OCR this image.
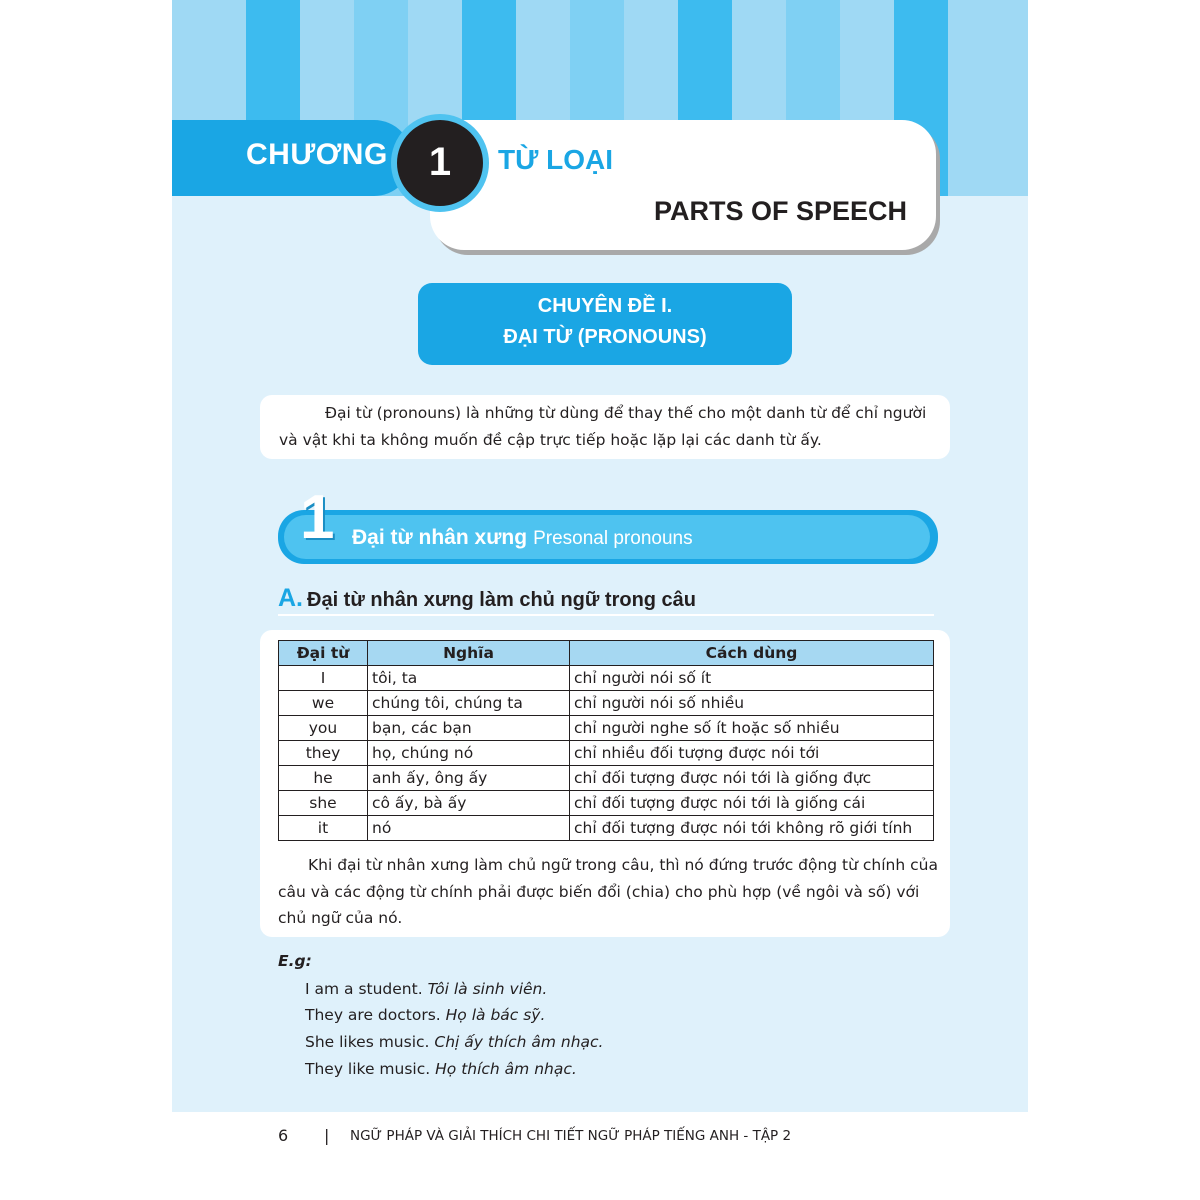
CHƯƠNG	1	TỪ LOẠI
PARTS OF SPEECH
CHUYÊN ĐỀ I.
ĐẠI TỪ (PRONOUNS)

Đại từ (pronouns) là những từ dùng để thay thế cho một danh từ để chỉ người và vật khi ta không muốn đề cập trực tiếp hoặc lặp lại các danh từ ấy.

1 Đại từ nhân xưng Presonal pronouns
A. Đại từ nhân xưng làm chủ ngữ trong câu
Đại từ	Nghĩa	Cách dùng
I	tôi, ta	chỉ người nói số ít
we	chúng tôi, chúng ta	chỉ người nói số nhiều
you	bạn, các bạn	chỉ người nghe số ít hoặc số nhiều
they	họ, chúng nó	chỉ nhiều đối tượng được nói tới
he	anh ấy, ông ấy	chỉ đối tượng được nói tới là giống đực
she	cô ấy, bà ấy	chỉ đối tượng được nói tới là giống cái
it	nó	chỉ đối tượng được nói tới không rõ giới tính

Khi đại từ nhân xưng làm chủ ngữ trong câu, thì nó đứng trước động từ chính của câu và các động từ chính phải được biến đổi (chia) cho phù hợp (về ngôi và số) với chủ ngữ của nó.

E.g:
I am a student. Tôi là sinh viên.
They are doctors. Họ là bác sỹ.
She likes music. Chị ấy thích âm nhạc.
They like music. Họ thích âm nhạc.
6 | NGỮ PHÁP VÀ GIẢI THÍCH CHI TIẾT NGỮ PHÁP TIẾNG ANH - TẬP 2
